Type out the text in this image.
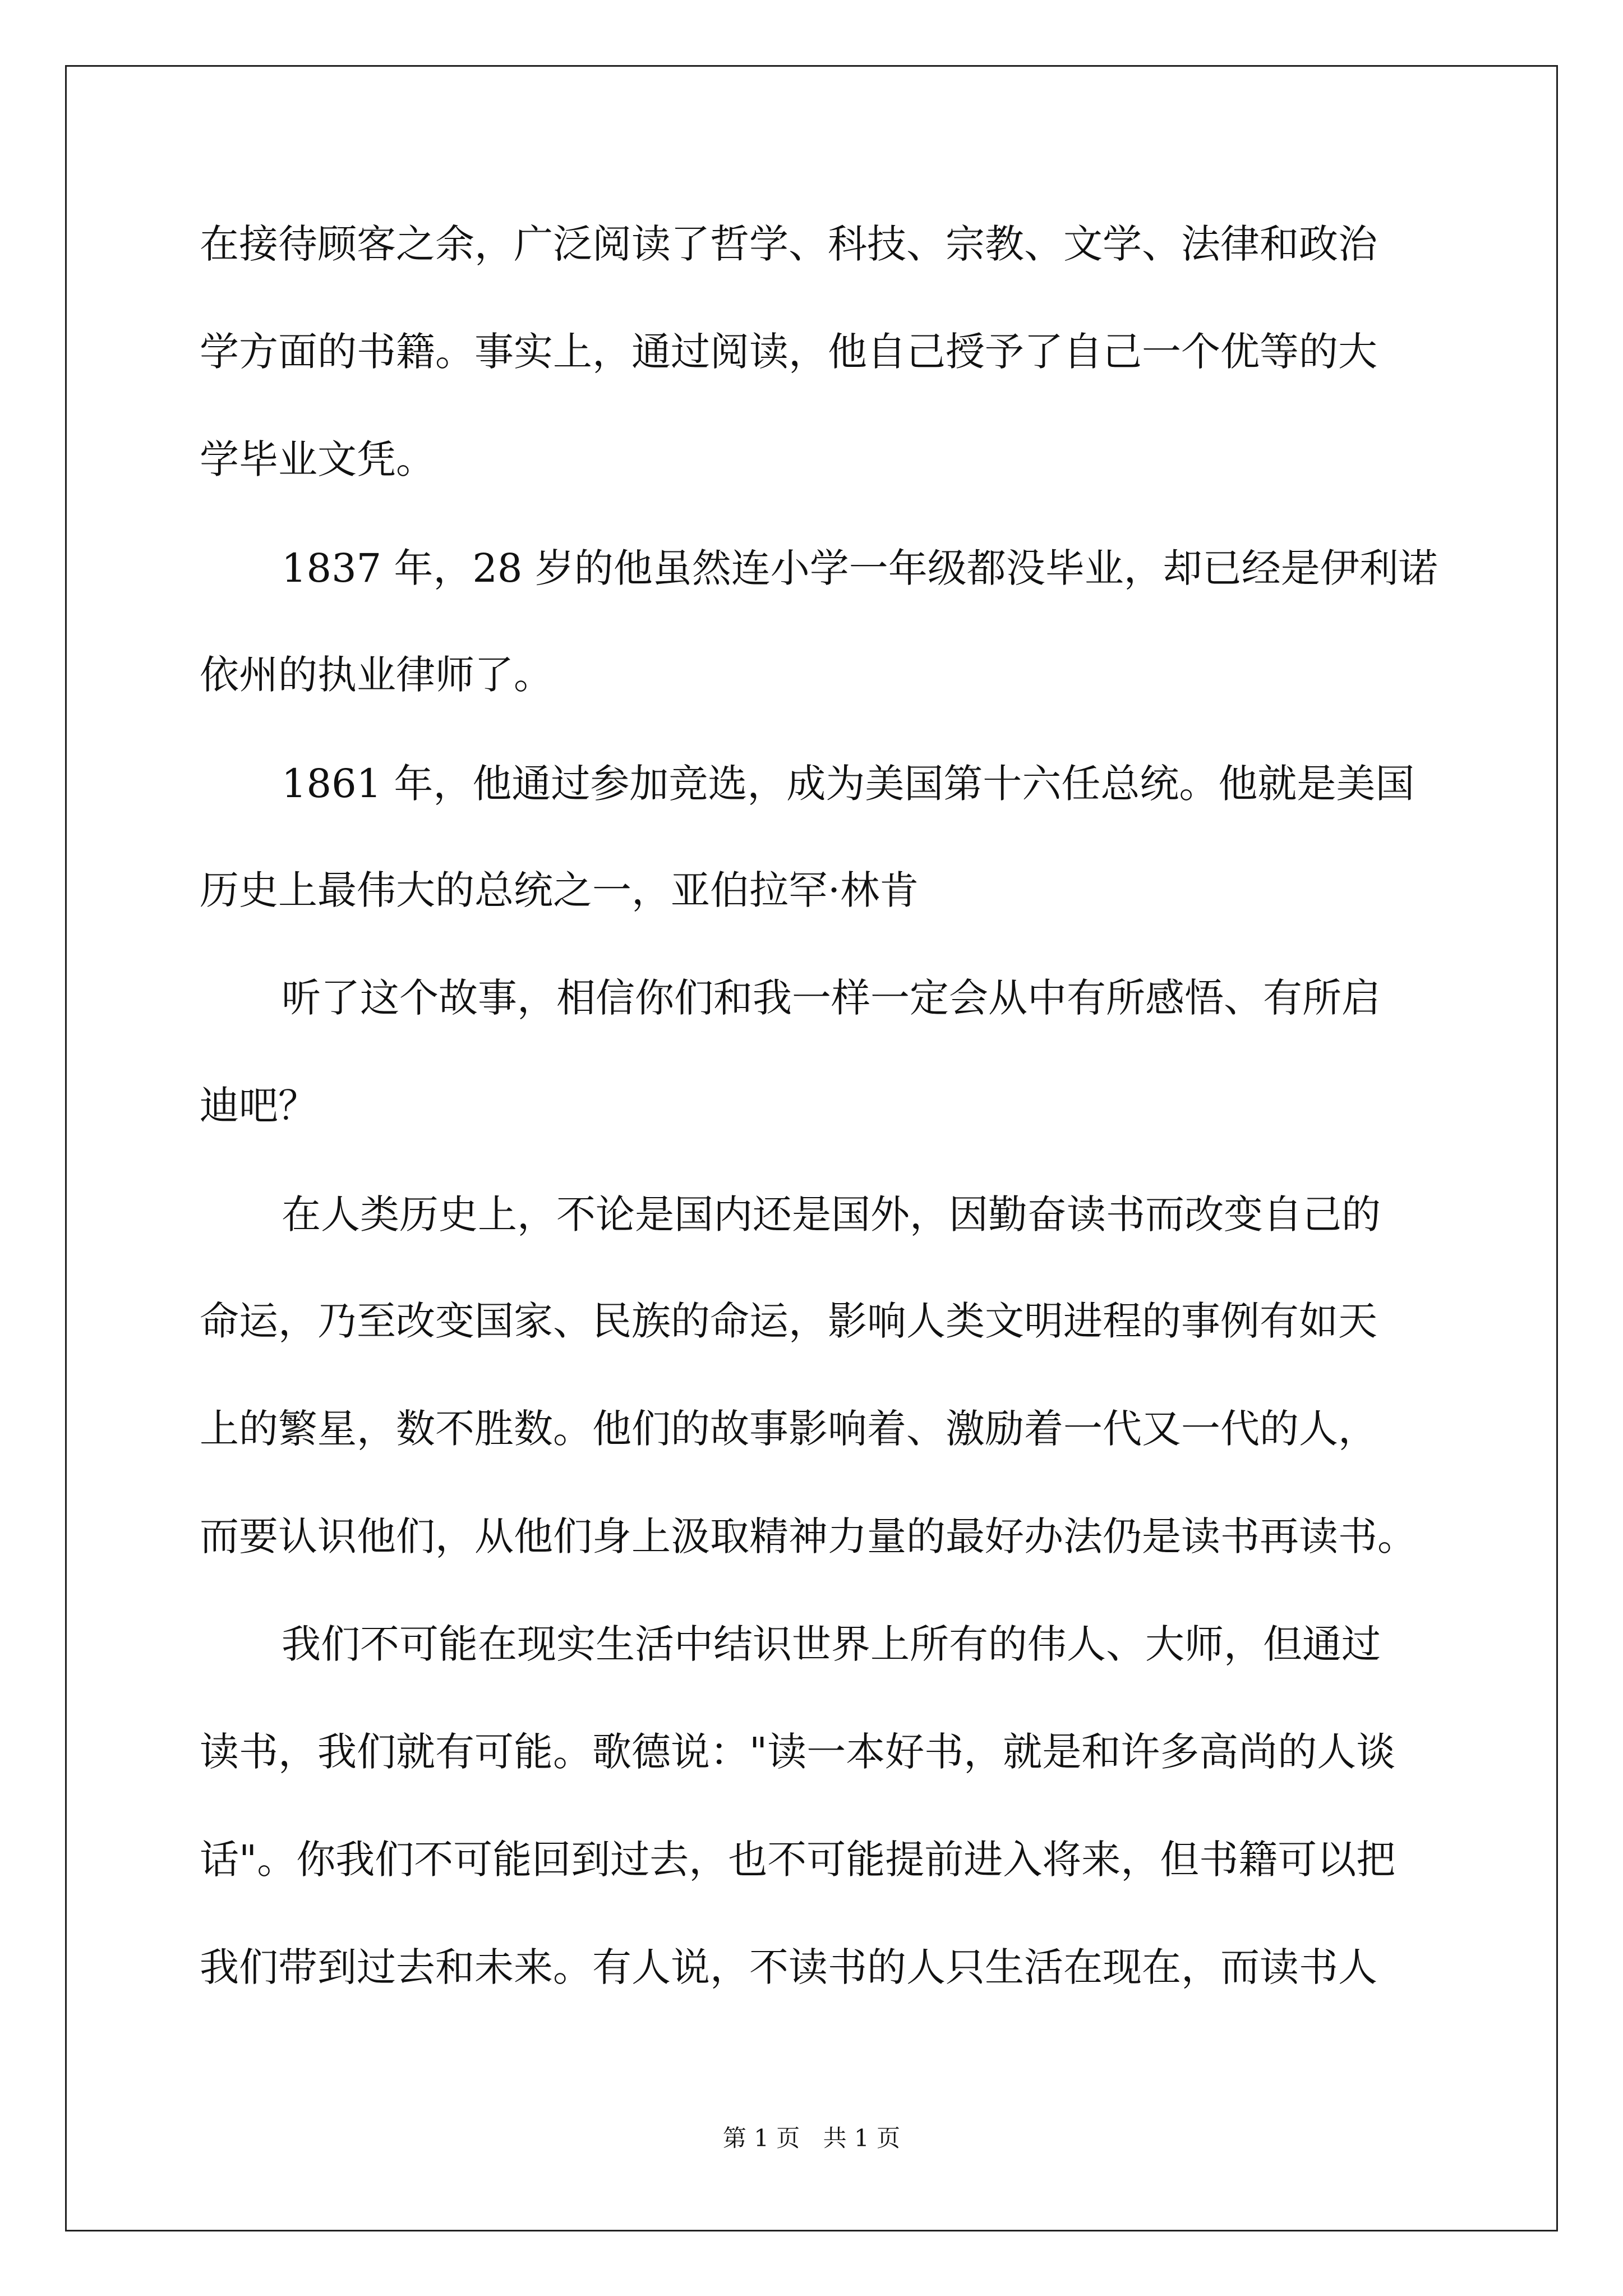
在接待顾客之余，广泛阅读了哲学、科技、宗教、文学、法律和政治
学方面的书籍。事实上，通过阅读，他自己授予了自己一个优等的大
学毕业文凭。
1837 年，28 岁的他虽然连小学一年级都没毕业，却已经是伊利诺
依州的执业律师了。
1861 年，他通过参加竞选，成为美国第十六任总统。他就是美国
历史上最伟大的总统之一，亚伯拉罕·林肯
听了这个故事，相信你们和我一样一定会从中有所感悟、有所启
迪吧？
在人类历史上，不论是国内还是国外，因勤奋读书而改变自己的
命运，乃至改变国家、民族的命运，影响人类文明进程的事例有如天
上的繁星，数不胜数。他们的故事影响着、激励着一代又一代的人，
而要认识他们，从他们身上汲取精神力量的最好办法仍是读书再读书。
我们不可能在现实生活中结识世界上所有的伟人、大师，但通过
读书，我们就有可能。歌德说："读一本好书，就是和许多高尚的人谈
话"。你我们不可能回到过去，也不可能提前进入将来，但书籍可以把
我们带到过去和未来。有人说，不读书的人只生活在现在，而读书人
第 1 页 共 1 页
